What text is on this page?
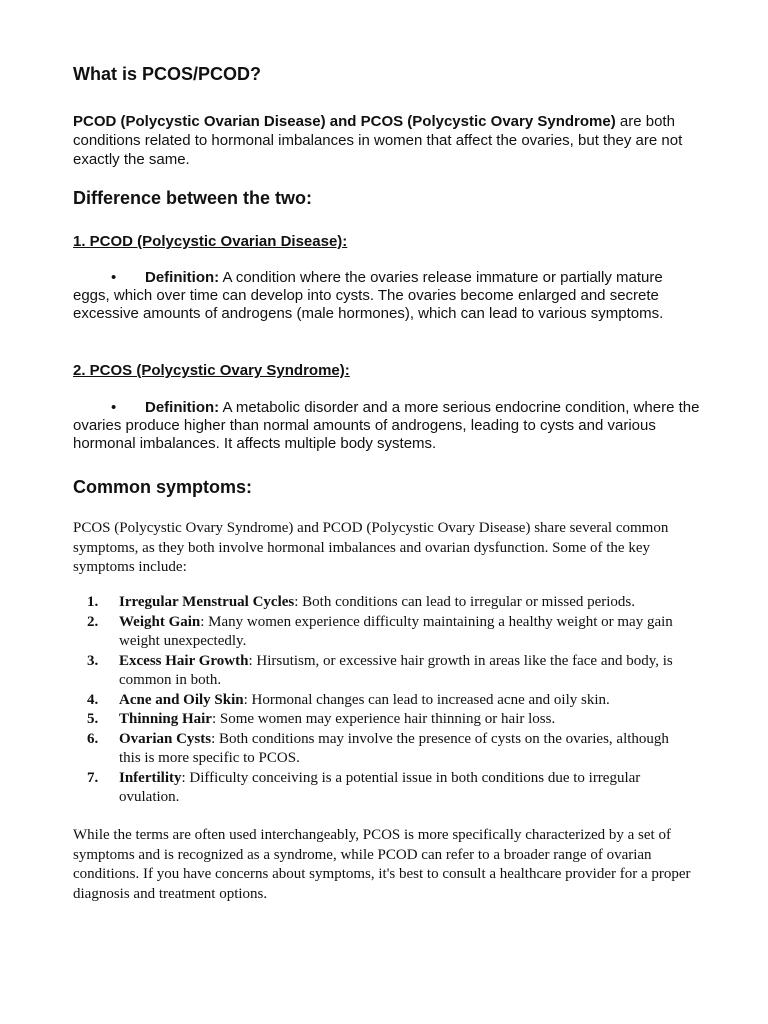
What is PCOS/PCOD?

PCOD (Polycystic Ovarian Disease) and PCOS (Polycystic Ovary Syndrome) are both conditions related to hormonal imbalances in women that affect the ovaries, but they are not exactly the same.

Difference between the two:
1. PCOD (Polycystic Ovarian Disease):

• Definition: A condition where the ovaries release immature or partially mature eggs, which over time can develop into cysts. The ovaries become enlarged and secrete excessive amounts of androgens (male hormones), which can lead to various symptoms.

2. PCOS (Polycystic Ovary Syndrome):

• Definition: A metabolic disorder and a more serious endocrine condition, where the ovaries produce higher than normal amounts of androgens, leading to cysts and various hormonal imbalances. It affects multiple body systems.

Common symptoms:

PCOS (Polycystic Ovary Syndrome) and PCOD (Polycystic Ovary Disease) share several common symptoms, as they both involve hormonal imbalances and ovarian dysfunction. Some of the key symptoms include:

1. Irregular Menstrual Cycles: Both conditions can lead to irregular or missed periods.
2. Weight Gain: Many women experience difficulty maintaining a healthy weight or may gain weight unexpectedly.
3. Excess Hair Growth: Hirsutism, or excessive hair growth in areas like the face and body, is common in both.
4. Acne and Oily Skin: Hormonal changes can lead to increased acne and oily skin.
5. Thinning Hair: Some women may experience hair thinning or hair loss.
6. Ovarian Cysts: Both conditions may involve the presence of cysts on the ovaries, although this is more specific to PCOS.
7. Infertility: Difficulty conceiving is a potential issue in both conditions due to irregular ovulation.

While the terms are often used interchangeably, PCOS is more specifically characterized by a set of symptoms and is recognized as a syndrome, while PCOD can refer to a broader range of ovarian conditions. If you have concerns about symptoms, it's best to consult a healthcare provider for a proper diagnosis and treatment options.
